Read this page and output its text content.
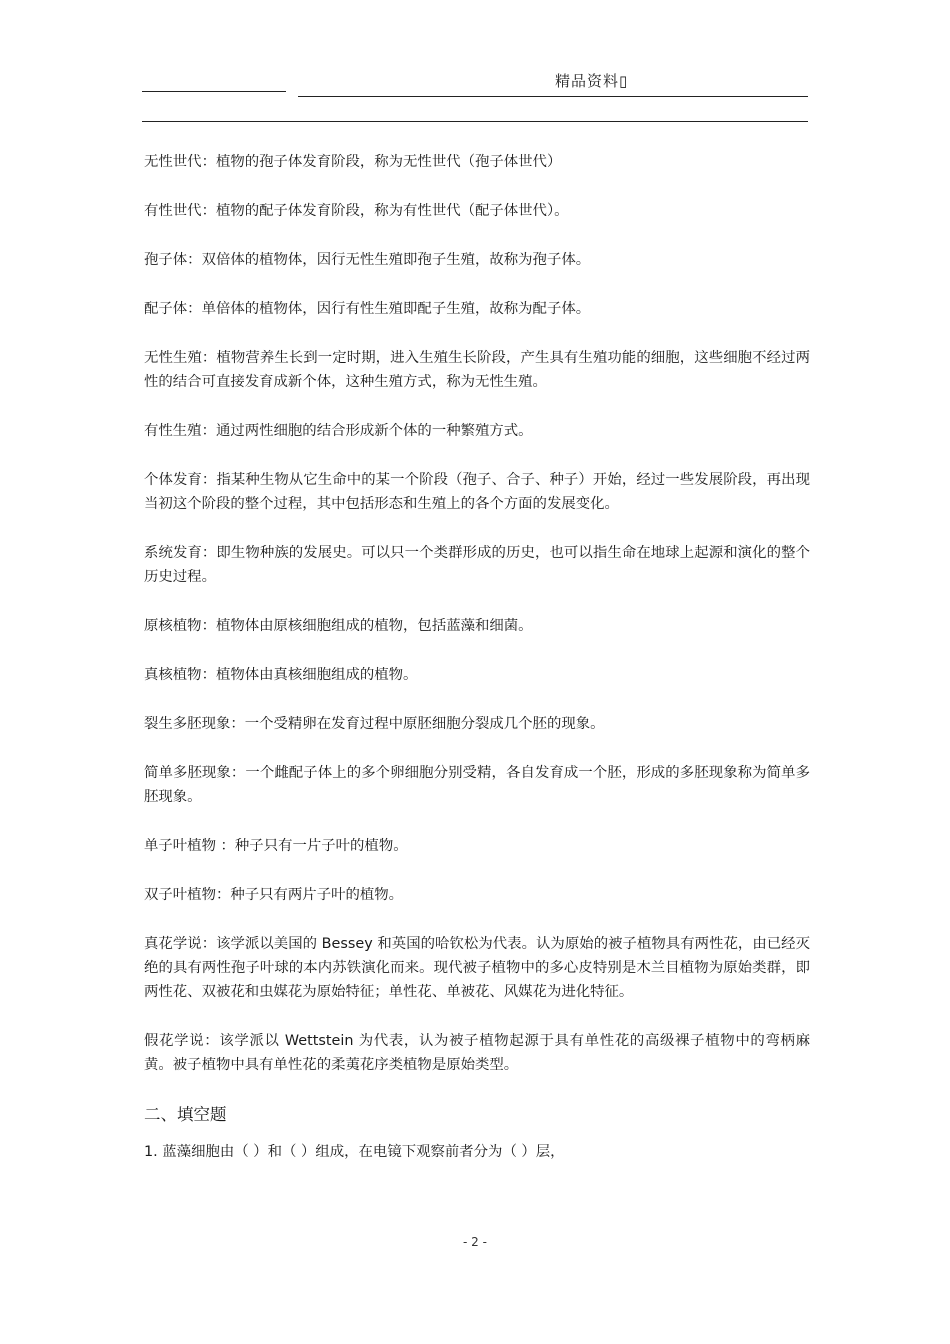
精品资料▯

无性世代：植物的孢子体发育阶段，称为无性世代（孢子体世代）

有性世代：植物的配子体发育阶段，称为有性世代（配子体世代）。

孢子体：双倍体的植物体，因行无性生殖即孢子生殖，故称为孢子体。

配子体：单倍体的植物体，因行有性生殖即配子生殖，故称为配子体。

无性生殖：植物营养生长到一定时期，进入生殖生长阶段，产生具有生殖功能的细胞，这些细胞不经过两性的结合可直接发育成新个体，这种生殖方式，称为无性生殖。

有性生殖：通过两性细胞的结合形成新个体的一种繁殖方式。

个体发育：指某种生物从它生命中的某一个阶段（孢子、合子、种子）开始，经过一些发展阶段，再出现当初这个阶段的整个过程，其中包括形态和生殖上的各个方面的发展变化。

系统发育：即生物种族的发展史。可以只一个类群形成的历史，也可以指生命在地球上起源和演化的整个历史过程。

原核植物：植物体由原核细胞组成的植物，包括蓝藻和细菌。

真核植物：植物体由真核细胞组成的植物。

裂生多胚现象：一个受精卵在发育过程中原胚细胞分裂成几个胚的现象。

简单多胚现象：一个雌配子体上的多个卵细胞分别受精，各自发育成一个胚，形成的多胚现象称为简单多胚现象。

单子叶植物 ：种子只有一片子叶的植物。

双子叶植物：种子只有两片子叶的植物。

真花学说：该学派以美国的 Bessey 和英国的哈钦松为代表。认为原始的被子植物具有两性花，由已经灭绝的具有两性孢子叶球的本内苏铁演化而来。现代被子植物中的多心皮特别是木兰目植物为原始类群，即两性花、双被花和虫媒花为原始特征；单性花、单被花、风媒花为进化特征。

假花学说：该学派以 Wettstein 为代表，认为被子植物起源于具有单性花的高级裸子植物中的弯柄麻黄。被子植物中具有单性花的柔荑花序类植物是原始类型。

二、填空题

1. 蓝藻细胞由（ ）和（ ）组成，在电镜下观察前者分为（ ）层，

- 2 -
